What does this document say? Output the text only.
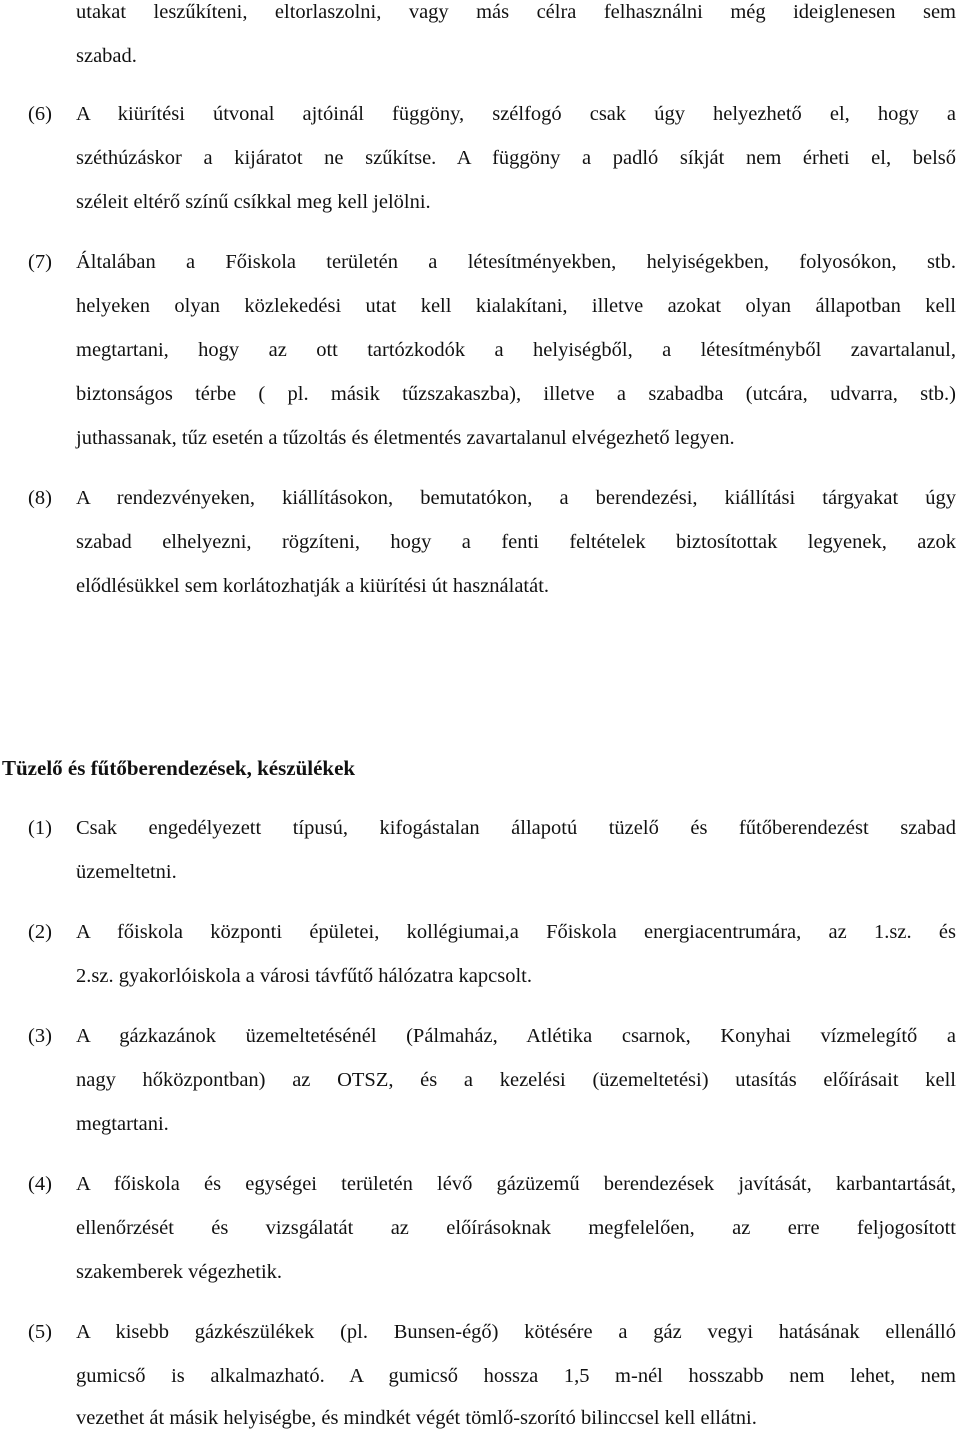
utakat leszűkíteni, eltorlaszolni, vagy más célra felhasználni még ideiglenesen sem
szabad.
(6) A kiürítési útvonal ajtóinál függöny, szélfogó csak úgy helyezhető el, hogy a
széthúzáskor a kijáratot ne szűkítse. A függöny a padló síkját nem érheti el, belső
széleit eltérő színű csíkkal meg kell jelölni.
(7) Általában a Főiskola területén a létesítményekben, helyiségekben, folyosókon, stb.
helyeken olyan közlekedési utat kell kialakítani, illetve azokat olyan állapotban kell
megtartani, hogy az ott tartózkodók a helyiségből, a létesítményből zavartalanul,
biztonságos térbe ( pl. másik tűzszakaszba), illetve a szabadba (utcára, udvarra, stb.)
juthassanak, tűz esetén a tűzoltás és életmentés zavartalanul elvégezhető legyen.
(8) A rendezvényeken, kiállításokon, bemutatókon, a berendezési, kiállítási tárgyakat úgy
szabad elhelyezni, rögzíteni, hogy a fenti feltételek biztosítottak legyenek, azok
elődlésükkel sem korlátozhatják a kiürítési út használatát.
Tüzelő és fűtőberendezések, készülékek
(1) Csak engedélyezett típusú, kifogástalan állapotú tüzelő és fűtőberendezést szabad
üzemeltetni.
(2) A főiskola központi épületei, kollégiumai,a Főiskola energiacentrumára, az 1.sz. és
2.sz. gyakorlóiskola a városi távfűtő hálózatra kapcsolt.
(3) A gázkazánok üzemeltetésénél (Pálmaház, Atlétika csarnok, Konyhai vízmelegítő a
nagy hőközpontban) az OTSZ, és a kezelési (üzemeltetési) utasítás előírásait kell
megtartani.
(4) A főiskola és egységei területén lévő gázüzemű berendezések javítását, karbantartását,
ellenőrzését és vizsgálatát az előírásoknak megfelelően, az erre feljogosított
szakemberek végezhetik.
(5) A kisebb gázkészülékek (pl. Bunsen-égő) kötésére a gáz vegyi hatásának ellenálló
gumicső is alkalmazható. A gumicső hossza 1,5 m-nél hosszabb nem lehet, nem
vezethet át másik helyiségbe, és mindkét végét tömlő-szorító bilinccsel kell ellátni.
